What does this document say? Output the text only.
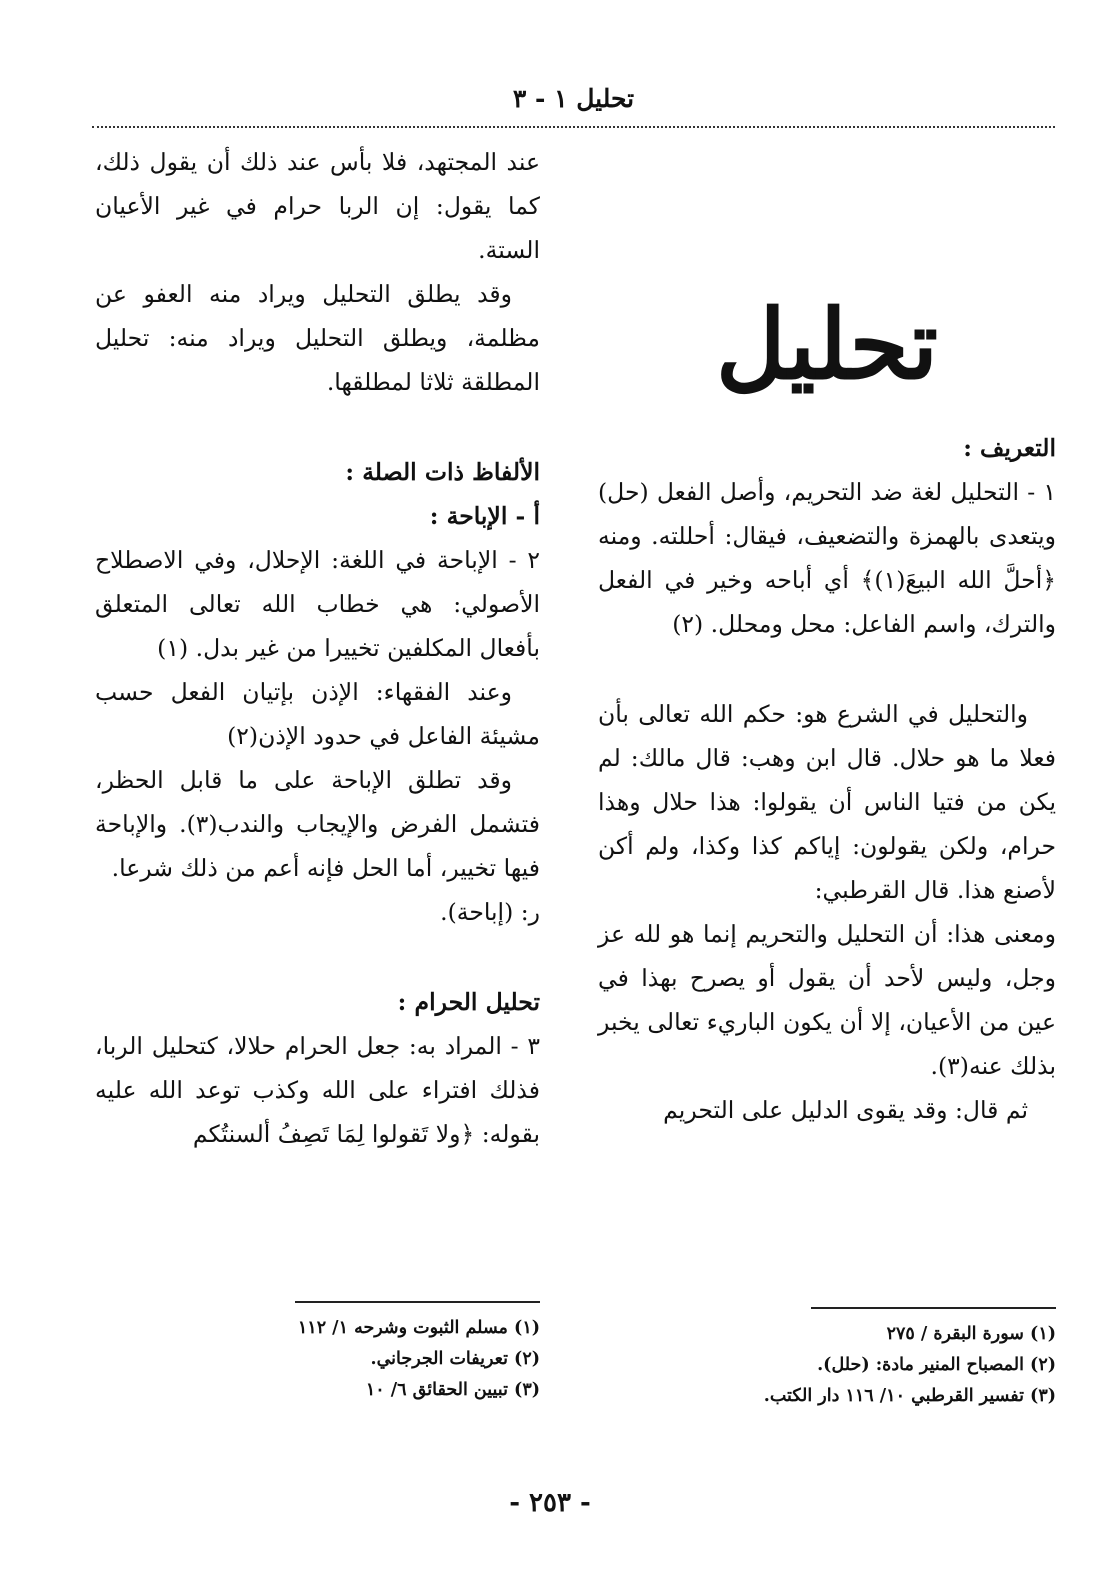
تحليل ١ - ٣
تحليل

التعريف :

١ - التحليل لغة ضد التحريم، وأصل الفعل (حل) ويتعدى بالهمزة والتضعيف، فيقال: أحللته. ومنه ﴿أحلَّ الله البيعَ(١)﴾ أي أباحه وخير في الفعل والترك، واسم الفاعل: محل ومحلل. (٢)

والتحليل في الشرع هو: حكم الله تعالى بأن فعلا ما هو حلال. قال ابن وهب: قال مالك: لم يكن من فتيا الناس أن يقولوا: هذا حلال وهذا حرام، ولكن يقولون: إياكم كذا وكذا، ولم أكن لأصنع هذا. قال القرطبي:

ومعنى هذا: أن التحليل والتحريم إنما هو لله عز وجل، وليس لأحد أن يقول أو يصرح بهذا في عين من الأعيان، إلا أن يكون الباريء تعالى يخبر بذلك عنه(٣).

ثم قال: وقد يقوى الدليل على التحريم

عند المجتهد، فلا بأس عند ذلك أن يقول ذلك، كما يقول: إن الربا حرام في غير الأعيان الستة.

وقد يطلق التحليل ويراد منه العفو عن مظلمة، ويطلق التحليل ويراد منه: تحليل المطلقة ثلاثا لمطلقها.

الألفاظ ذات الصلة :

أ - الإباحة :

٢ - الإباحة في اللغة: الإحلال، وفي الاصطلاح الأصولي: هي خطاب الله تعالى المتعلق بأفعال المكلفين تخييرا من غير بدل. (١)

وعند الفقهاء: الإذن بإتيان الفعل حسب مشيئة الفاعل في حدود الإذن(٢)

وقد تطلق الإباحة على ما قابل الحظر، فتشمل الفرض والإيجاب والندب(٣). والإباحة فيها تخيير، أما الحل فإنه أعم من ذلك شرعا.

ر: (إباحة).

تحليل الحرام :

٣ - المراد به: جعل الحرام حلالا، كتحليل الربا، فذلك افتراء على الله وكذب توعد الله عليه بقوله: ﴿ولا تَقولوا لِمَا تَصِفُ ألسنتُكم

(١) سورة البقرة / ٢٧٥

(٢) المصباح المنير مادة: (حلل).

(٣) تفسير القرطبي ١٠/ ١١٦ دار الكتب.

(١) مسلم الثبوت وشرحه ١/ ١١٢

(٢) تعريفات الجرجاني.

(٣) تبيين الحقائق ٦/ ١٠

- ٢٥٣ -
